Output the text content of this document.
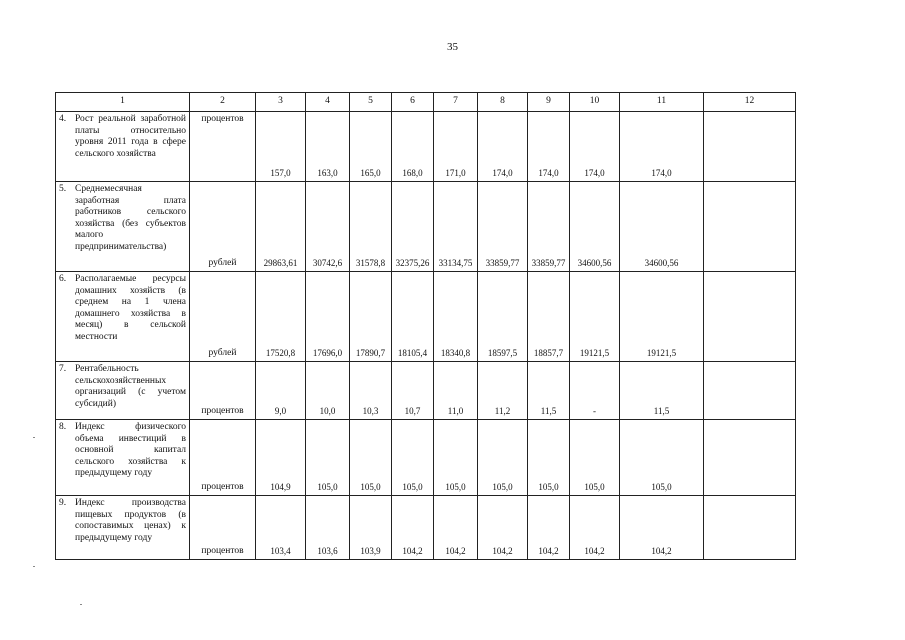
35
1	2	3	4	5	6	7	8	9	10	11	12

4. Рост реальной заработной платы относительно уровня 2011 года в сфере сельского хозяйства	процентов	157,0	163,0	165,0	168,0	171,0	174,0	174,0	174,0	174,0	

5. Среднемесячная заработная плата работников сельского хозяйства (без субъектов малого предпринимательства)	рублей	29863,61	30742,6	31578,8	32375,26	33134,75	33859,77	33859,77	34600,56	34600,56	

6. Располагаемые ресурсы домашних хозяйств (в среднем на 1 члена домашнего хозяйства в месяц) в сельской местности	рублей	17520,8	17696,0	17890,7	18105,4	18340,8	18597,5	18857,7	19121,5	19121,5	

7. Рентабельность сельскохозяйственных организаций (с учетом субсидий)	процентов	9,0	10,0	10,3	10,7	11,0	11,2	11,5	-	11,5	

8. Индекс физического объема инвестиций в основной капитал сельского хозяйства к предыдущему году	процентов	104,9	105,0	105,0	105,0	105,0	105,0	105,0	105,0	105,0	

9. Индекс производства пищевых продуктов (в сопоставимых ценах) к предыдущему году	процентов	103,4	103,6	103,9	104,2	104,2	104,2	104,2	104,2	104,2	
